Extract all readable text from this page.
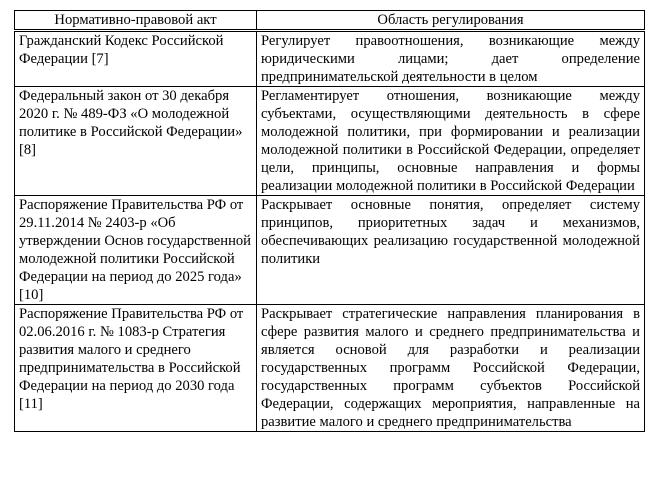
Нормативно-правовой акт	Область регулирования
Гражданский Кодекс Российской Федерации [7]	Регулирует правоотношения, возникающие между юридическими лицами; дает определение предпринимательской деятельности в целом
Федеральный закон от 30 декабря 2020 г. № 489-ФЗ «О молодежной политике в Российской Федерации» [8]	Регламентирует отношения, возникающие между субъектами, осуществляющими деятельность в сфере молодежной политики, при формировании и реализации молодежной политики в Российской Федерации, определяет цели, принципы, основные направления и формы реализации молодежной политики в Российской Федерации
Распоряжение Правительства РФ от 29.11.2014 № 2403-р «Об утверждении Основ государственной молодежной политики Российской Федерации на период до 2025 года» [10]	Раскрывает основные понятия, определяет систему принципов, приоритетных задач и механизмов, обеспечивающих реализацию государственной молодежной политики
Распоряжение Правительства РФ от 02.06.2016 г. № 1083-р Стратегия развития малого и среднего предпринимательства в Российской Федерации на период до 2030 года [11]	Раскрывает стратегические направления планирования в сфере развития малого и среднего предпринимательства и является основой для разработки и реализации государственных программ Российской Федерации, государственных программ субъектов Российской Федерации, содержащих мероприятия, направленные на развитие малого и среднего предпринимательства
